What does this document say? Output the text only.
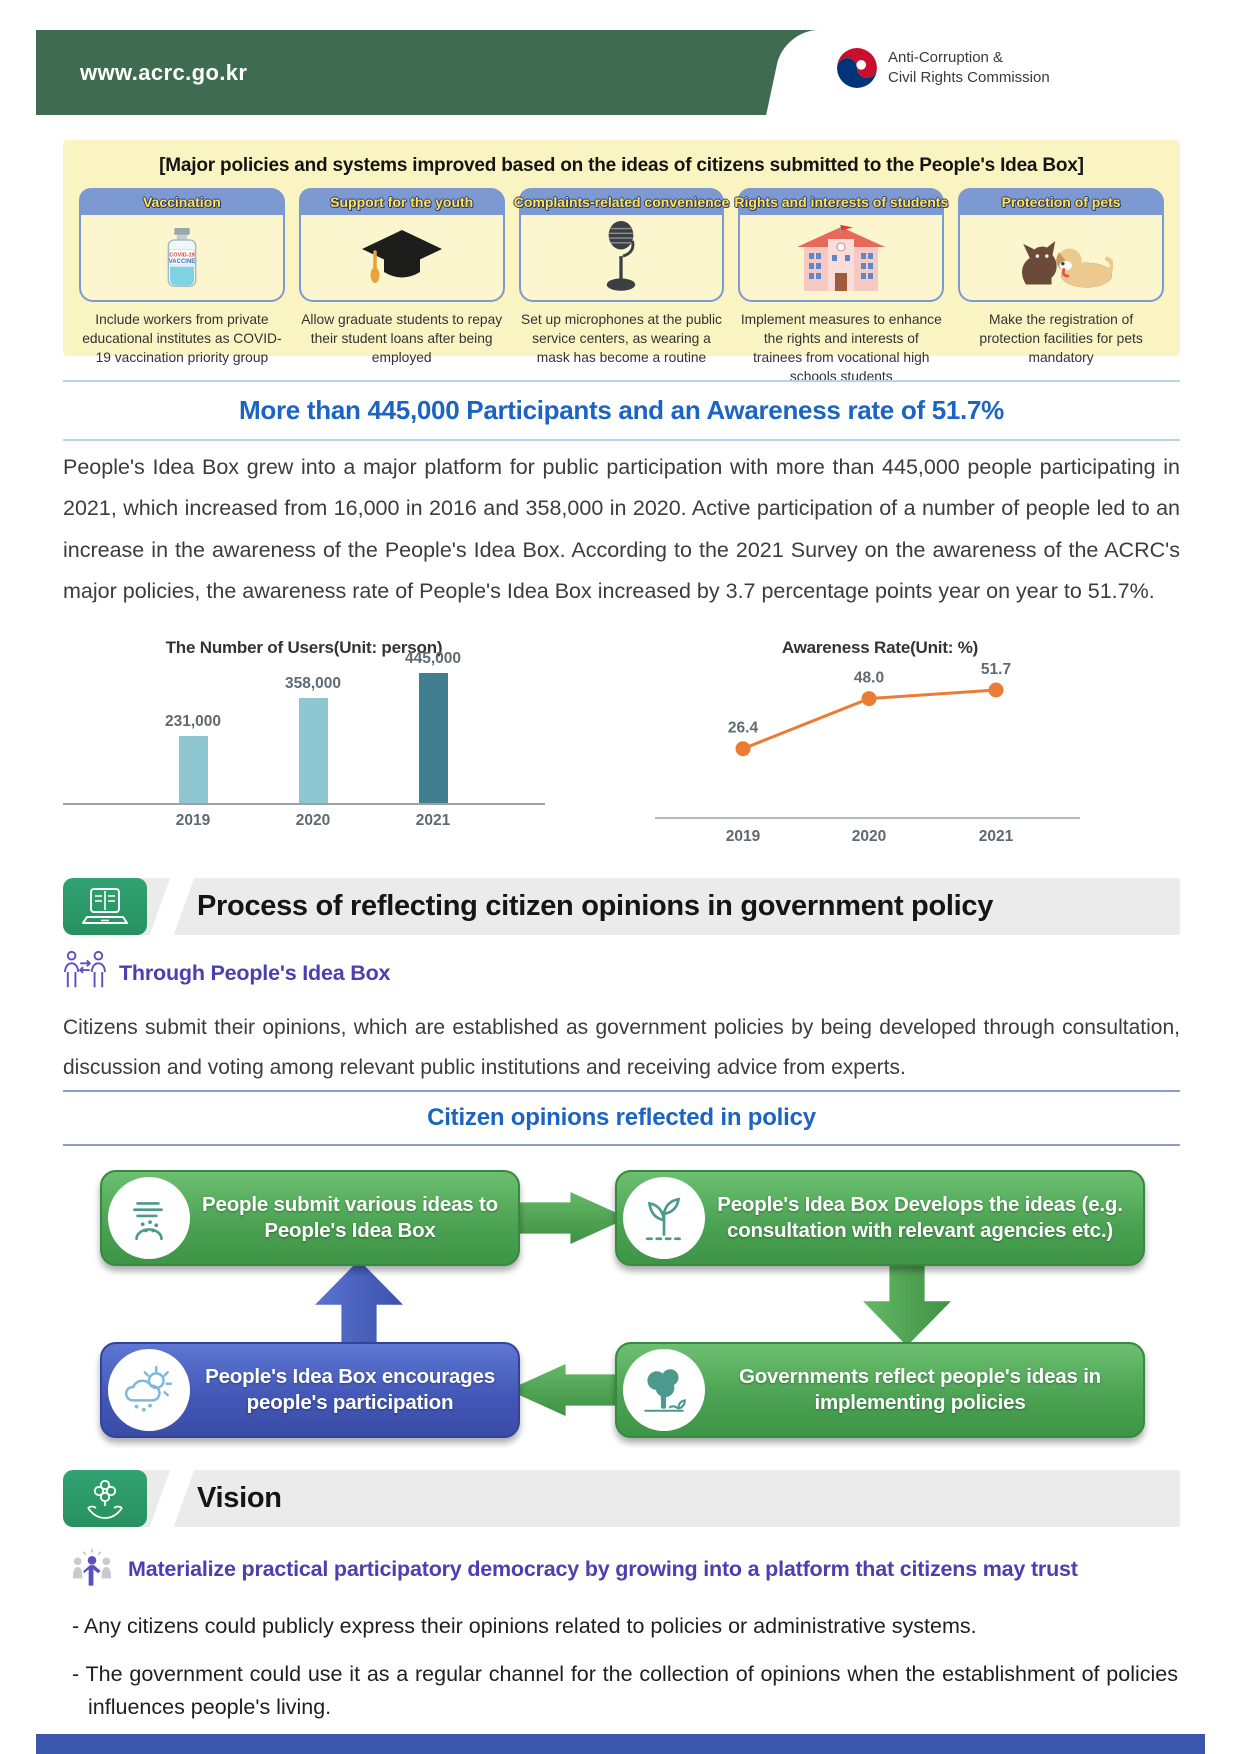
www.acrc.go.kr
Anti-Corruption &
Civil Rights Commission
[Major policies and systems improved based on the ideas of citizens submitted to the People's Idea Box]
Vaccination
COVID-19
VACCINE
Include workers from private educational institutes as COVID-19 vaccination priority group
Support for the youth
Allow graduate students to repay their student loans after being employed
Complaints-related convenience
Set up microphones at the public service centers, as wearing a mask has become a routine
Rights and interests of students
Implement measures to enhance the rights and interests of trainees from vocational high schools students
Protection of pets
Make the registration of protection facilities for pets mandatory
More than 445,000 Participants and an Awareness rate of 51.7%
People's Idea Box grew into a major platform for public participation with more than 445,000 people participating in 2021, which increased from 16,000 in 2016 and 358,000 in 2020. Active participation of a number of people led to an increase in the awareness of the People's Idea Box. According to the 2021 Survey on the awareness of the ACRC's major policies, the awareness rate of People's Idea Box increased by 3.7 percentage points year on year to 51.7%.
The Number of Users(Unit: person)
231,000
358,000
445,000
2019	2020	2021
Awareness Rate(Unit: %)
26.4
2019
48.0
2020
51.7
2021
Process of reflecting citizen opinions in government policy
Through People's Idea Box
Citizens submit their opinions, which are established as government policies by being developed through consultation, discussion and voting among relevant public institutions and receiving advice from experts.
Citizen opinions reflected in policy
People submit various ideas to People's Idea Box
People's Idea Box Develops the ideas (e.g. consultation with relevant agencies etc.)
Governments reflect people's ideas in implementing policies
People's Idea Box encourages people's participation
Vision
Materialize practical participatory democracy by growing into a platform that citizens may trust
- Any citizens could publicly express their opinions related to policies or administrative systems.
- The government could use it as a regular channel for the collection of opinions when the establishment of policies influences people's living.
